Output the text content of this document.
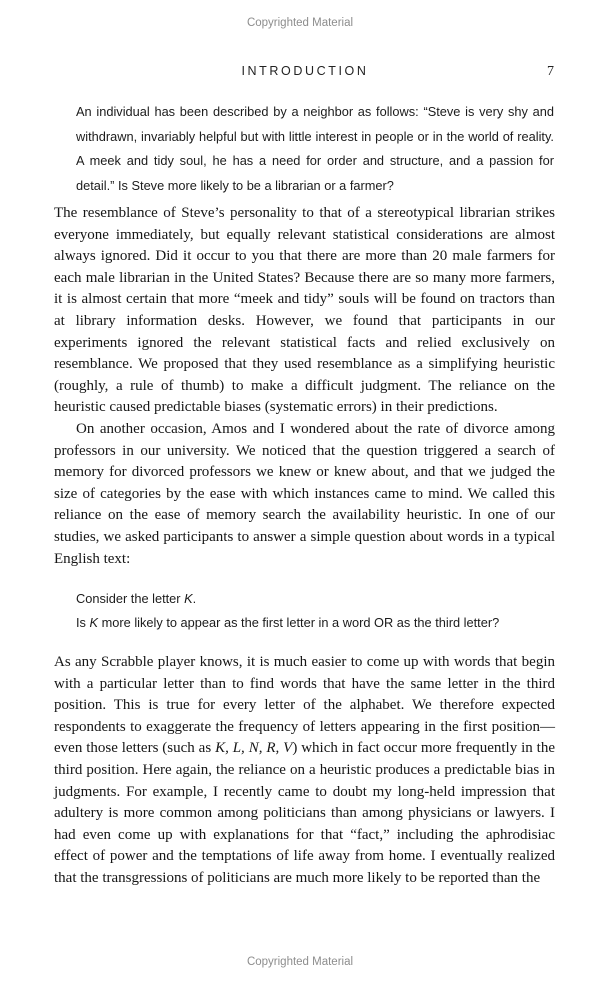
Copyrighted Material
INTRODUCTION	7
An individual has been described by a neighbor as follows: “Steve is very shy and withdrawn, invariably helpful but with little interest in people or in the world of reality. A meek and tidy soul, he has a need for order and structure, and a passion for detail.” Is Steve more likely to be a librarian or a farmer?

The resemblance of Steve’s personality to that of a stereotypical librarian strikes everyone immediately, but equally relevant statistical considerations are almost always ignored. Did it occur to you that there are more than 20 male farmers for each male librarian in the United States? Because there are so many more farmers, it is almost certain that more “meek and tidy” souls will be found on tractors than at library information desks. However, we found that participants in our experiments ignored the relevant statistical facts and relied exclusively on resemblance. We proposed that they used resemblance as a simplifying heuristic (roughly, a rule of thumb) to make a difficult judgment. The reliance on the heuristic caused predictable biases (systematic errors) in their predictions.

On another occasion, Amos and I wondered about the rate of divorce among professors in our university. We noticed that the question triggered a search of memory for divorced professors we knew or knew about, and that we judged the size of categories by the ease with which instances came to mind. We called this reliance on the ease of memory search the availability heuristic. In one of our studies, we asked participants to answer a simple question about words in a typical English text:

Consider the letter K.
Is K more likely to appear as the first letter in a word OR as the third letter?

As any Scrabble player knows, it is much easier to come up with words that begin with a particular letter than to find words that have the same letter in the third position. This is true for every letter of the alphabet. We therefore expected respondents to exaggerate the frequency of letters appearing in the first position—even those letters (such as K, L, N, R, V) which in fact occur more frequently in the third position. Here again, the reliance on a heuristic produces a predictable bias in judgments. For example, I recently came to doubt my long-held impression that adultery is more common among politicians than among physicians or lawyers. I had even come up with explanations for that “fact,” including the aphrodisiac effect of power and the temptations of life away from home. I eventually realized that the transgressions of politicians are much more likely to be reported than the

Copyrighted Material
